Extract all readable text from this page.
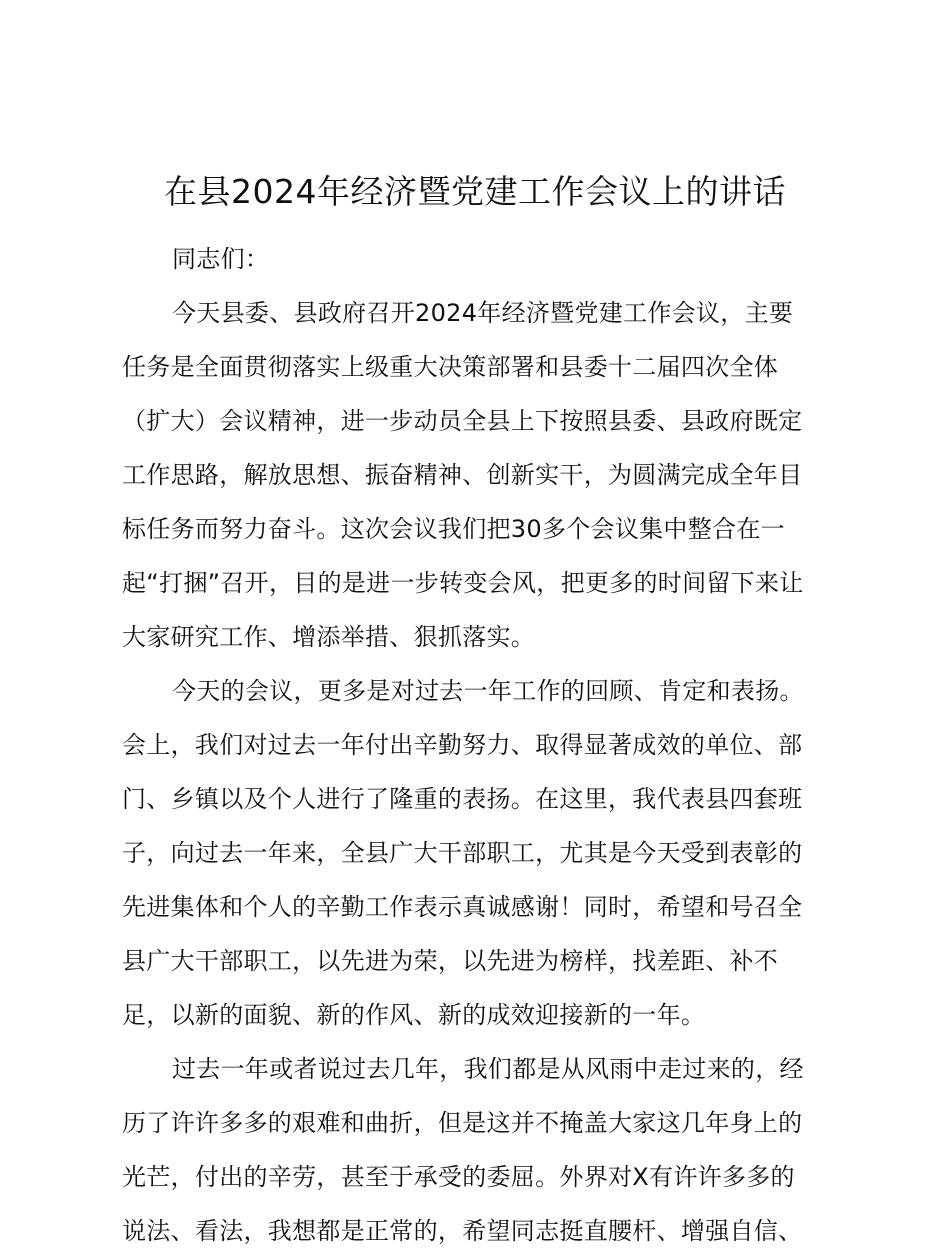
在县2024年经济暨党建工作会议上的讲话
同志们：
今天县委、县政府召开2024年经济暨党建工作会议，主要
任务是全面贯彻落实上级重大决策部署和县委十二届四次全体
（扩大）会议精神，进一步动员全县上下按照县委、县政府既定
工作思路，解放思想、振奋精神、创新实干，为圆满完成全年目
标任务而努力奋斗。这次会议我们把30多个会议集中整合在一
起“打捆”召开，目的是进一步转变会风，把更多的时间留下来让
大家研究工作、增添举措、狠抓落实。
今天的会议，更多是对过去一年工作的回顾、肯定和表扬。
会上，我们对过去一年付出辛勤努力、取得显著成效的单位、部
门、乡镇以及个人进行了隆重的表扬。在这里，我代表县四套班
子，向过去一年来，全县广大干部职工，尤其是今天受到表彰的
先进集体和个人的辛勤工作表示真诚感谢！同时，希望和号召全
县广大干部职工，以先进为荣，以先进为榜样，找差距、补不
足，以新的面貌、新的作风、新的成效迎接新的一年。
过去一年或者说过去几年，我们都是从风雨中走过来的，经
历了许许多多的艰难和曲折，但是这并不掩盖大家这几年身上的
光芒，付出的辛劳，甚至于承受的委屈。外界对X有许许多多的
说法、看法，我想都是正常的，希望同志挺直腰杆、增强自信、
